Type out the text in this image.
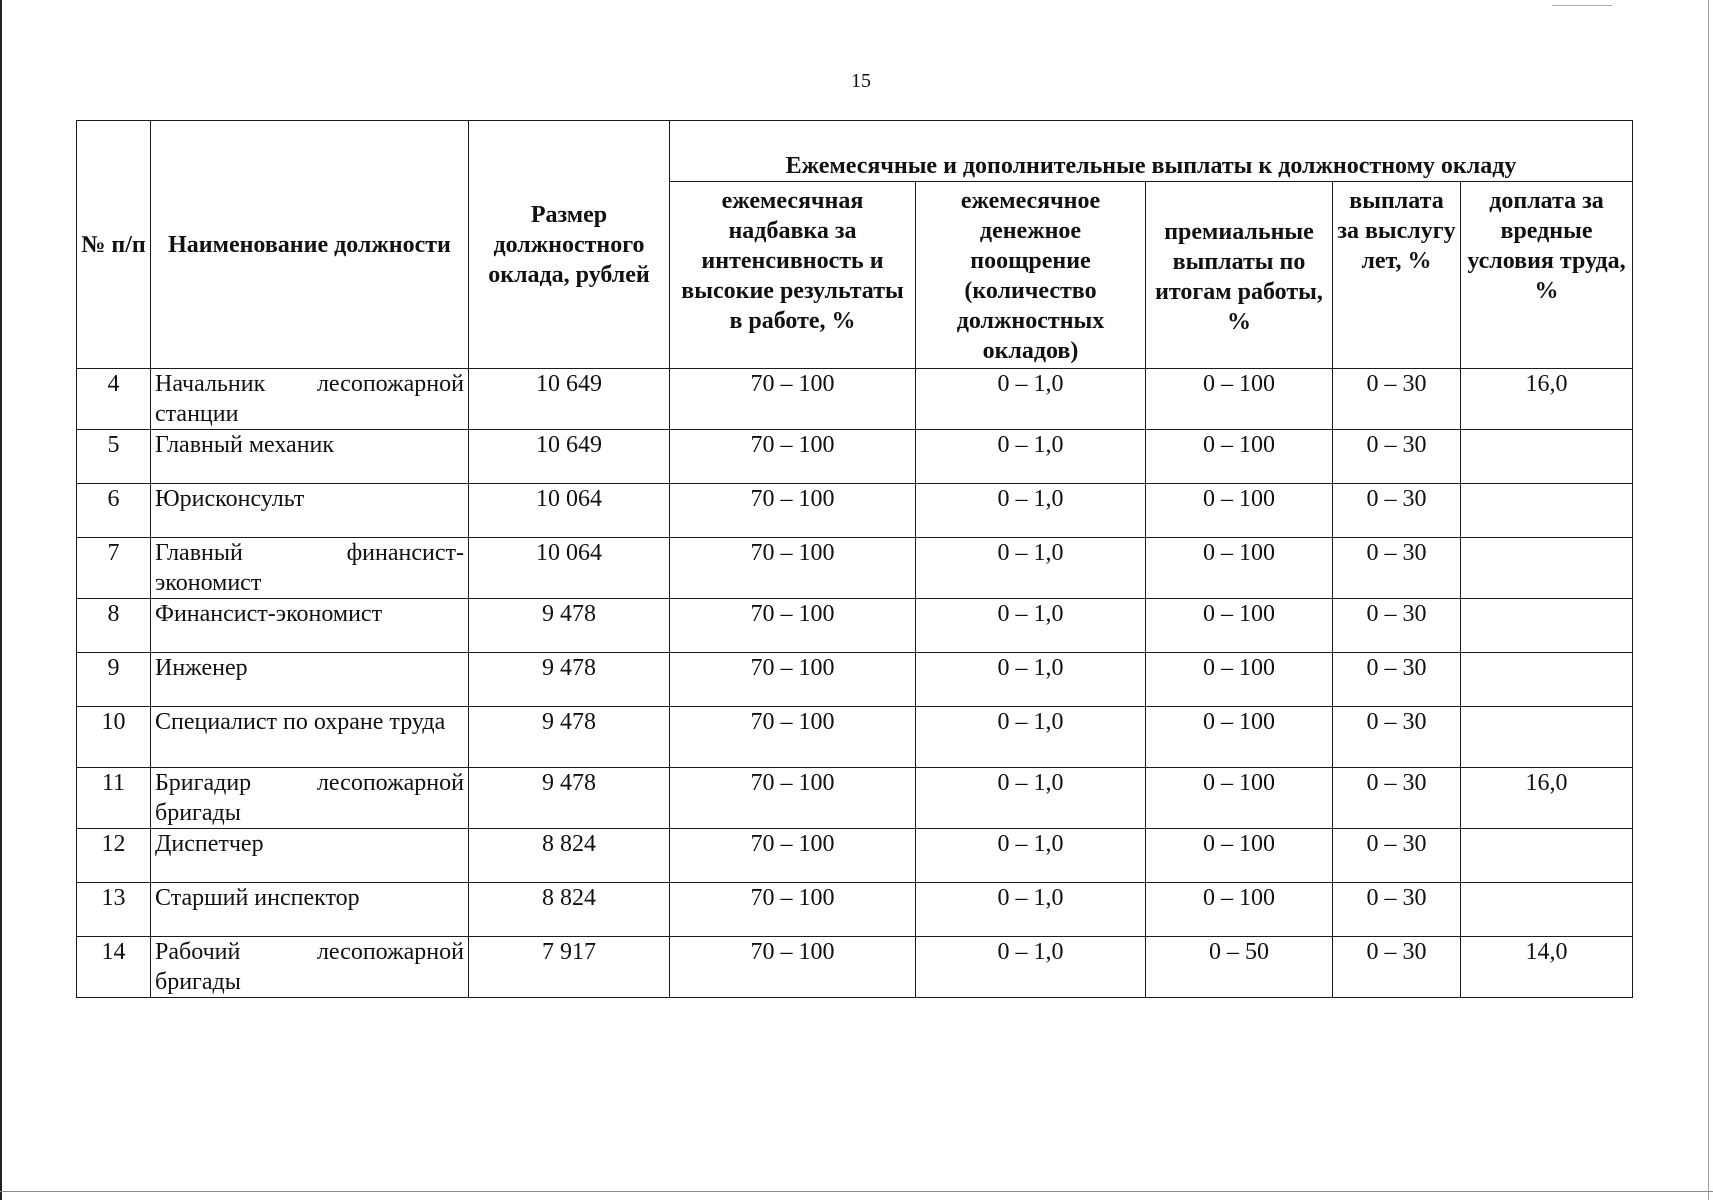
15
№ п/п	Наименование должности	Размер должностного оклада, рублей	Ежемесячные и дополнительные выплаты к должностному окладу				
			ежемесячная надбавка за интенсивность и высокие результаты в работе, %	ежемесячное денежное поощрение (количество должностных окладов)	премиальные выплаты по итогам работы, %	выплата за выслугу лет, %	доплата за вредные условия труда, %
4	Начальник лесопожарной станции	10 649	70 – 100	0 – 1,0	0 – 100	0 – 30	16,0
5	Главный механик	10 649	70 – 100	0 – 1,0	0 – 100	0 – 30	
6	Юрисконсульт	10 064	70 – 100	0 – 1,0	0 – 100	0 – 30	
7	Главный финансист-экономист	10 064	70 – 100	0 – 1,0	0 – 100	0 – 30	
8	Финансист-экономист	9 478	70 – 100	0 – 1,0	0 – 100	0 – 30	
9	Инженер	9 478	70 – 100	0 – 1,0	0 – 100	0 – 30	
10	Специалист по охране труда	9 478	70 – 100	0 – 1,0	0 – 100	0 – 30	
11	Бригадир лесопожарной бригады	9 478	70 – 100	0 – 1,0	0 – 100	0 – 30	16,0
12	Диспетчер	8 824	70 – 100	0 – 1,0	0 – 100	0 – 30	
13	Старший инспектор	8 824	70 – 100	0 – 1,0	0 – 100	0 – 30	
14	Рабочий лесопожарной бригады	7 917	70 – 100	0 – 1,0	0 – 50	0 – 30	14,0
